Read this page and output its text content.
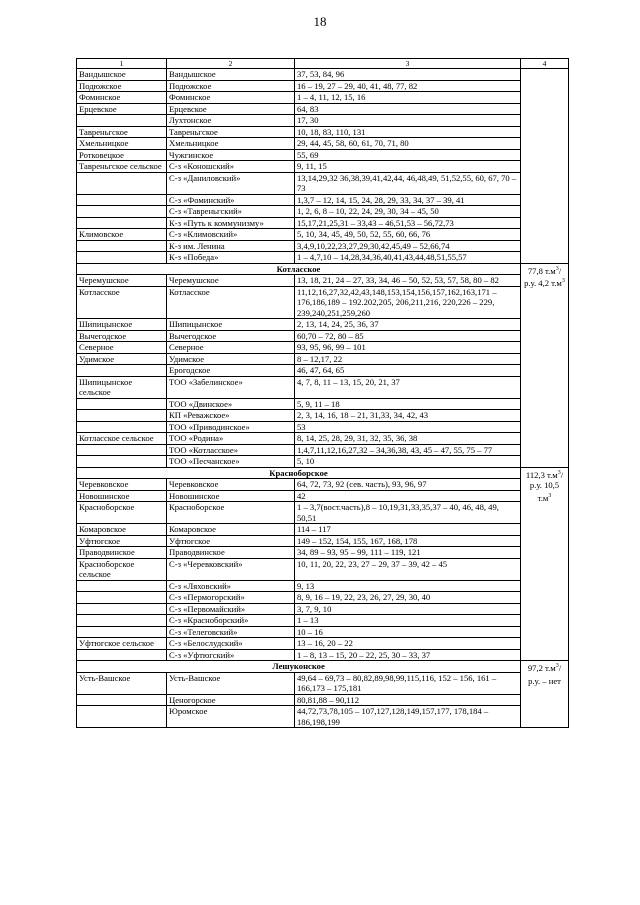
18
1	2	3	4
Вандышское	Вандышское	37, 53, 84, 96	
Подюжское	Подюжское	16 – 19, 27 – 29, 40, 41, 48, 77, 82	
Фоминское	Фоминское	1 – 4, 11, 12, 15, 16	
Ерцевское	Ерцевское	64, 83	
	Лухтонское	17, 30	
Тавреньгское	Тавреньгское	10, 18, 83, 110, 131	
Хмельницкое	Хмельницкое	29, 44, 45, 58, 60, 61, 70, 71, 80	
Ротковецкое	Чужгинское	55, 69	
Тавреньгское сельское	С-з «Коношский»	9, 11, 15	
	С-з «Даниловский»	13,14,29,32 36,38,39,41,42,44, 46,48,49, 51,52,55, 60, 67, 70 – 73	
	С-з «Фоминский»	1,3,7 – 12, 14, 15, 24, 28, 29, 33, 34, 37 – 39, 41	
	С-з «Тавреньгский»	1, 2, 6, 8 – 10, 22, 24, 29, 30, 34 – 45, 50	
	К-з «Путь к коммунизму»	15,17,21,25,31 – 33,43 – 46,51,53 – 56,72,73	
Климовское	С-з «Климовский»	5, 10, 34, 45, 49, 50, 52, 55, 60, 66, 76	
	К-з им. Ленина	3,4,9,10,22,23,27,29,30,42,45,49 – 52,66,74	
	К-з «Победа»	1 – 4,7,10 – 14,28,34,36,40,41,43,44,48,51,55,57	
Котласское			77,8 $т.м^3/$
р.у. 4,2 $т.м^3$
Черемушское	Черемушское	13, 18, 21, 24 – 27, 33, 34, 46 – 50, 52, 53, 57, 58, 80 – 82	
Котласское	Котласское	11,12,16,27,32,42,43,148,153,154,156,157,162,163,171 – 176,186,189 – 192.202,205, 206,211,216, 220,226 – 229, 239,240,251,259,260	
Шипицынское	Шипицынское	2, 13, 14, 24, 25, 36, 37	
Вычегодское	Вычегодское	60,70 – 72, 80 – 85	
Северное	Северное	93, 95, 96, 99 – 101	
Удимское	Удимское	8 – 12,17, 22	
	Ерогодское	46, 47, 64, 65	
Шипицынское сельское	ТОО «Забелинское»	4, 7, 8, 11 – 13, 15, 20, 21, 37	
	ТОО «Двинское»	5, 9, 11 – 18	
	КП «Реважское»	2, 3, 14, 16, 18 – 21, 31,33, 34, 42, 43	
	ТОО «Приводинское»	53	
Котласское сельское	ТОО «Родина»	8, 14, 25, 28, 29, 31, 32, 35, 36, 38	
	ТОО «Котласское»	1,4,7,11,12,16,27,32 – 34,36,38, 43, 45 – 47, 55, 75 – 77	
	ТОО «Песчанское»	5, 10	
Красноборское			112,3 $т.м^3/$
р.у. 10,5 $т.м^3$
Черевковское	Черевковское	64, 72, 73, 92 (сев. часть), 93, 96, 97	
Новошинское	Новошинское	42	
Красноборское	Красноборское	1 – 3,7(вост.часть),8 – 10,19,31,33,35,37 – 40, 46, 48, 49, 50,51	
Комаровское	Комаровское	114 – 117	
Уфтюгское	Уфтюгское	149 – 152, 154, 155, 167, 168, 178	
Праводвинское	Праводвинское	34, 89 – 93, 95 – 99, 111 – 119, 121	
Красноборское сельское	С-з «Черевковский»	10, 11, 20, 22, 23, 27 – 29, 37 – 39, 42 – 45	
	С-з «Ляховский»	9, 13	
	С-з «Пермогорский»	8, 9, 16 – 19, 22, 23, 26, 27, 29, 30, 40	
	С-з «Первомайский»	3, 7, 9, 10	
	С-з «Красноборский»	1 – 13	
	С-з «Телеговский»	10 – 16	
Уфтюгское сельское	С-з «Белослудский»	13 – 16, 20 – 22	
	С-з «Уфтюгский»	1 – 8, 13 – 15, 20 – 22, 25, 30 – 33, 37	
Лешуконское			97,2 $т.м^3/$
р.у. – нет
Усть-Вашское	Усть-Вашское	49,64 – 69,73 – 80,82,89,98,99,115,116, 152 – 156, 161 – 166,173 – 175,181	
	Ценогорское	80,81,88 – 90,112	
	Юромское	44,72,73,78,105 – 107,127,128,149,157,177, 178,184 – 186,198,199	
